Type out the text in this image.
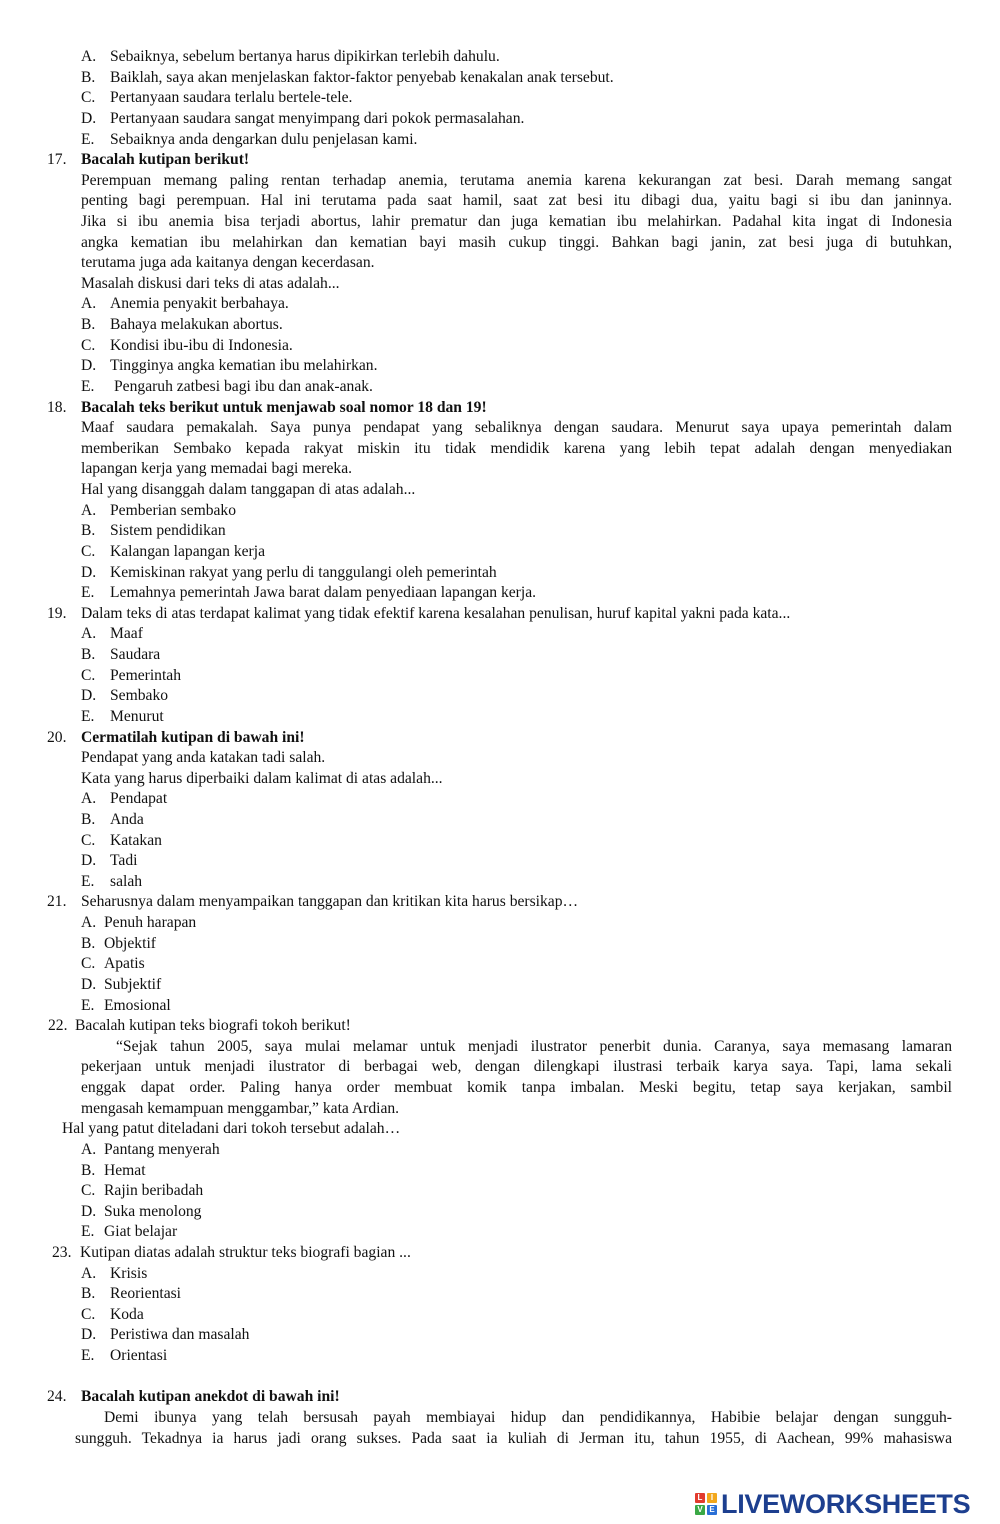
A. Sebaiknya, sebelum bertanya harus dipikirkan terlebih dahulu.
B. Baiklah, saya akan menjelaskan faktor-faktor penyebab kenakalan anak tersebut.
C. Pertanyaan saudara terlalu bertele-tele.
D. Pertanyaan saudara sangat menyimpang dari pokok permasalahan.
E. Sebaiknya anda dengarkan dulu penjelasan kami.
17. Bacalah kutipan berikut!
Perempuan memang paling rentan terhadap anemia, terutama anemia karena kekurangan zat besi. Darah memang sangat
penting bagi perempuan. Hal ini terutama pada saat hamil, saat zat besi itu dibagi dua, yaitu bagi si ibu dan janinnya.
Jika si ibu anemia bisa terjadi abortus, lahir prematur dan juga kematian ibu melahirkan. Padahal kita ingat di Indonesia
angka kematian ibu melahirkan dan kematian bayi masih cukup tinggi. Bahkan bagi janin, zat besi juga di butuhkan,
terutama juga ada kaitanya dengan kecerdasan.
Masalah diskusi dari teks di atas adalah...
A. Anemia penyakit berbahaya.
B. Bahaya melakukan abortus.
C. Kondisi ibu-ibu di Indonesia.
D. Tingginya angka kematian ibu melahirkan.
E. Pengaruh zatbesi bagi ibu dan anak-anak.
18. Bacalah teks berikut untuk menjawab soal nomor 18 dan 19!
Maaf saudara pemakalah. Saya punya pendapat yang sebaliknya dengan saudara. Menurut saya upaya pemerintah dalam
memberikan Sembako kepada rakyat miskin itu tidak mendidik karena yang lebih tepat adalah dengan menyediakan
lapangan kerja yang memadai bagi mereka.
Hal yang disanggah dalam tanggapan di atas adalah...
A. Pemberian sembako
B. Sistem pendidikan
C. Kalangan lapangan kerja
D. Kemiskinan rakyat yang perlu di tanggulangi oleh pemerintah
E. Lemahnya pemerintah Jawa barat dalam penyediaan lapangan kerja.
19. Dalam teks di atas terdapat kalimat yang tidak efektif karena kesalahan penulisan, huruf kapital yakni pada kata...
A. Maaf
B. Saudara
C. Pemerintah
D. Sembako
E. Menurut
20. Cermatilah kutipan di bawah ini!
Pendapat yang anda katakan tadi salah.
Kata yang harus diperbaiki dalam kalimat di atas adalah...
A. Pendapat
B. Anda
C. Katakan
D. Tadi
E. salah
21. Seharusnya dalam menyampaikan tanggapan dan kritikan kita harus bersikap…
A. Penuh harapan
B. Objektif
C. Apatis
D. Subjektif
E. Emosional
22. Bacalah kutipan teks biografi tokoh berikut!
“Sejak tahun 2005, saya mulai melamar untuk menjadi ilustrator penerbit dunia. Caranya, saya memasang lamaran
pekerjaan untuk menjadi ilustrator di berbagai web, dengan dilengkapi ilustrasi terbaik karya saya. Tapi, lama sekali
enggak dapat order. Paling hanya order membuat komik tanpa imbalan. Meski begitu, tetap saya kerjakan, sambil
mengasah kemampuan menggambar,” kata Ardian.
Hal yang patut diteladani dari tokoh tersebut adalah…
A. Pantang menyerah
B. Hemat
C. Rajin beribadah
D. Suka menolong
E. Giat belajar
23. Kutipan diatas adalah struktur teks biografi bagian ...
A. Krisis
B. Reorientasi
C. Koda
D. Peristiwa dan masalah
E. Orientasi
24. Bacalah kutipan anekdot di bawah ini!
Demi ibunya yang telah bersusah payah membiayai hidup dan pendidikannya, Habibie belajar dengan sungguh-
sungguh. Tekadnya ia harus jadi orang sukses. Pada saat ia kuliah di Jerman itu, tahun 1955, di Aachean, 99% mahasiswa
L	I
V E LIVEWORKSHEETS
